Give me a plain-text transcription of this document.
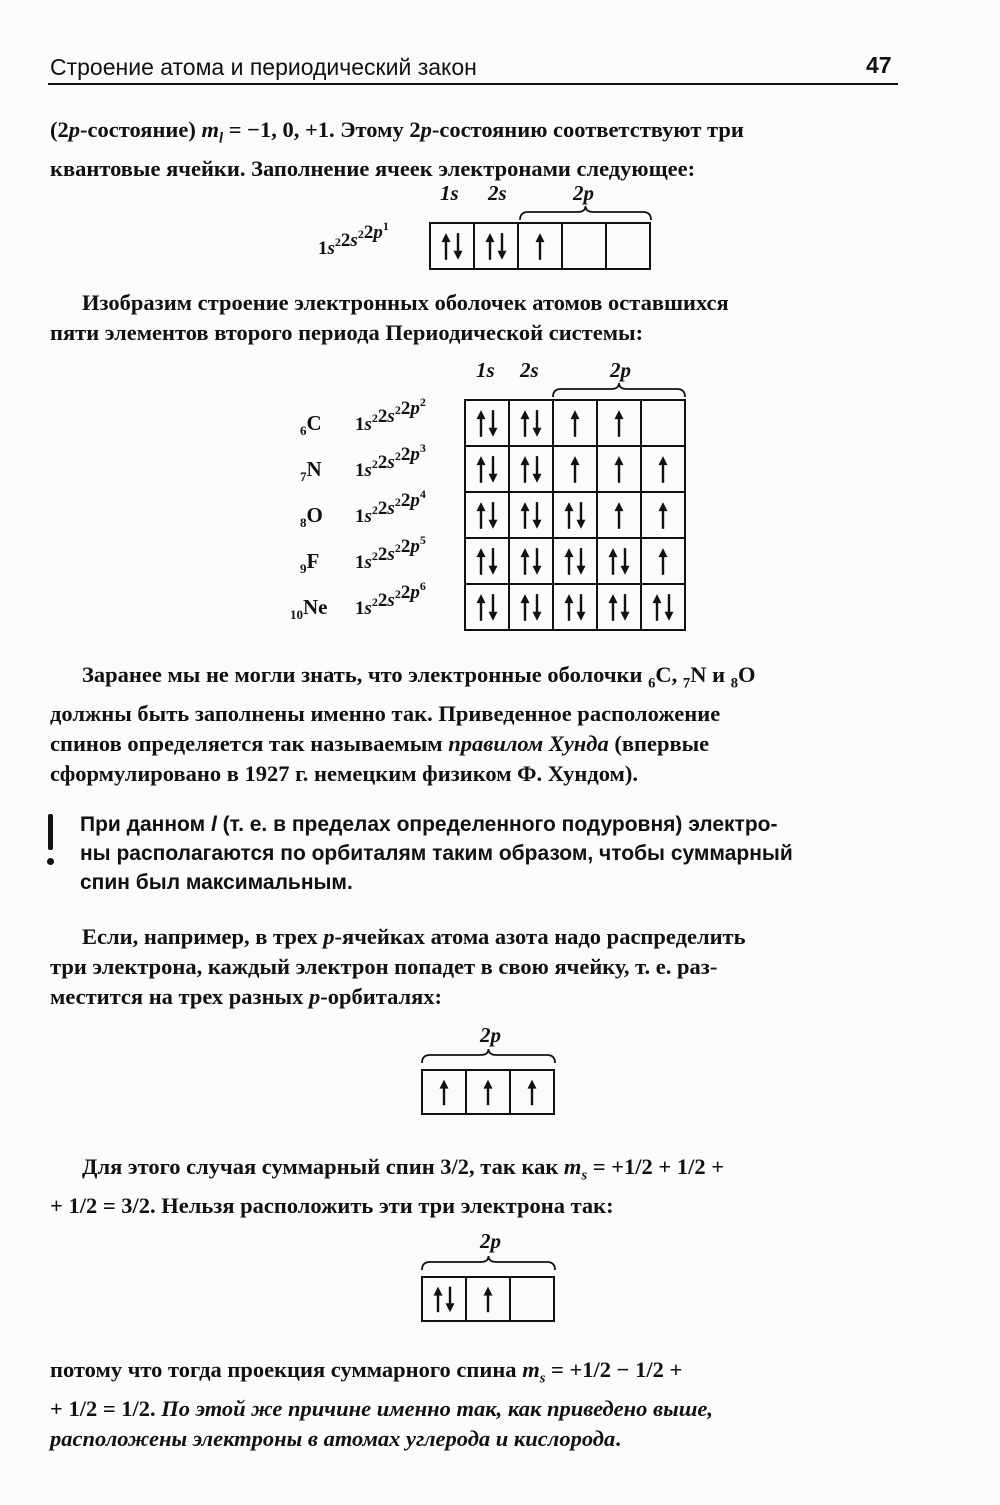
Строение атома и периодический закон	47
(2p-состояние) $m_l = -1$, 0, +1. Этому 2p-состоянию соответствуют три
квантовые ячейки. Заполнение ячеек электронами следующее:
1s 2s	2p
$1s^22s^22p^1$
1s 2s	2p
$_6$C $1s^22s^22p^2$
$_7$N $1s^22s^22p^3$
$_8$O $1s^22s^22p^4$
$_9$F $1s^22s^22p^5$
$_{10}$Ne $1s^22s^22p^6$
2p
2p
Изобразим строение электронных оболочек атомов оставшихся
пяти элементов второго периода Периодической системы:
Заранее мы не могли знать, что электронные оболочки $_6$C, $_7$N и $_8$O
должны быть заполнены именно так. Приведенное расположение
спинов определяется так называемым правилом Хунда (впервые
сформулировано в 1927 г. немецким физиком Ф. Хундом).
При данном l (т. е. в пределах определенного подуровня) электро-
ны располагаются по орбиталям таким образом, чтобы суммарный
спин был максимальным.
Если, например, в трех p-ячейках атома азота надо распределить
три электрона, каждый электрон попадет в свою ячейку, т. е. раз-
местится на трех разных p-орбиталях:
Для этого случая суммарный спин 3/2, так как $m_s = +1/2 + 1/2$ +
+ 1/2 = 3/2. Нельзя расположить эти три электрона так:
потому что тогда проекция суммарного спина $m_s = +1/2 - 1/2$ +
+ 1/2 = 1/2. По этой же причине именно так, как приведено выше,
расположены электроны в атомах углерода и кислорода.
